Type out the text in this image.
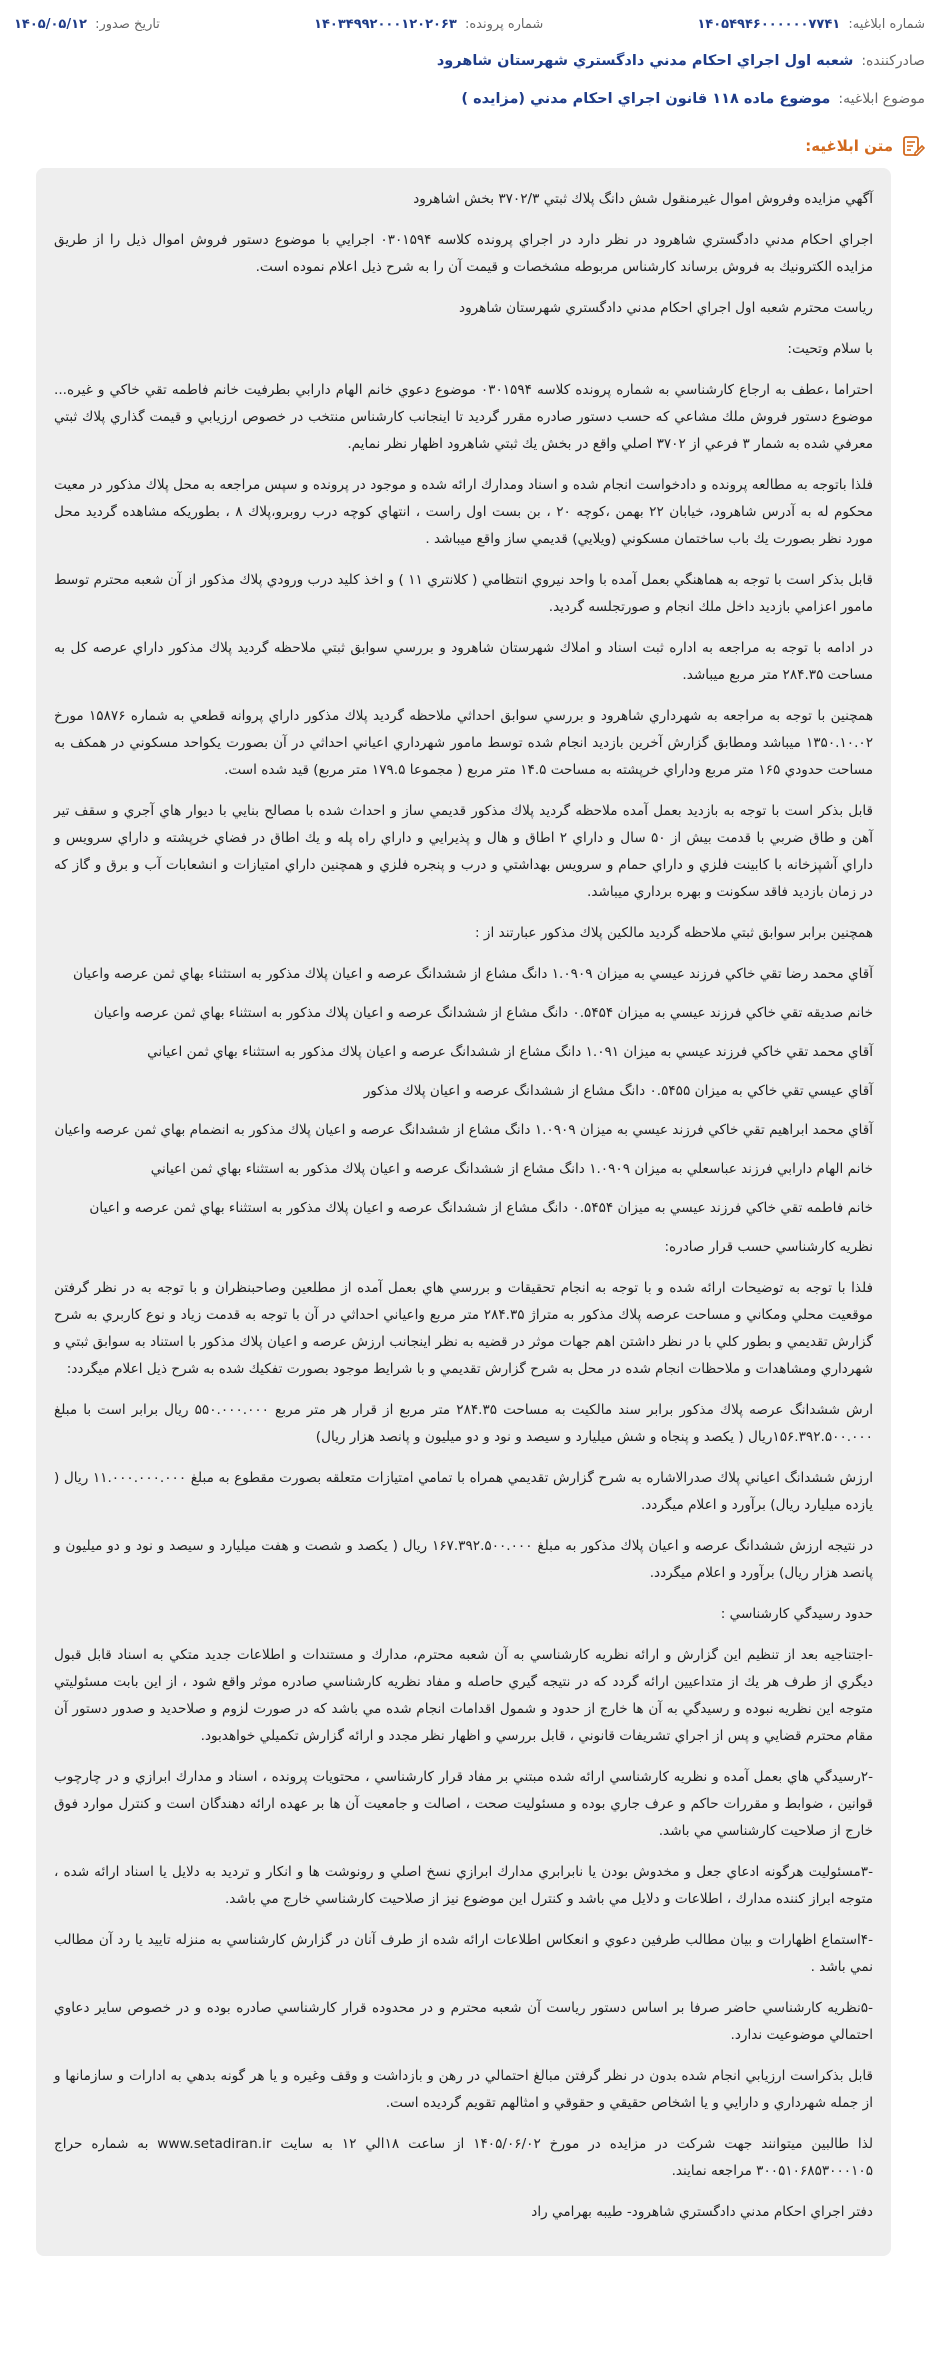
شماره ابلاغیه: ۱۴۰۵۴۹۴۶۰۰۰۰۰۰۷۷۴۱
شماره پرونده: ۱۴۰۳۴۹۹۲۰۰۰۱۲۰۲۰۶۳
تاریخ صدور: ۱۴۰۵/۰۵/۱۲
صادرکننده:
شعبه اول اجراي احكام مدني دادگستري شهرستان شاهرود
موضوع ابلاغیه:
موضوع ماده ۱۱۸ قانون اجراي احكام مدني (مزايده )
متن ابلاغیه:

آگهي مزايده وفروش اموال غيرمنقول شش دانگ پلاك ثبتي ۳۷۰۲/۳ بخش اشاهرود

اجراي احكام مدني دادگستري شاهرود در نظر دارد در اجراي پرونده كلاسه ۰۳۰۱۵۹۴ اجرايي با موضوع دستور فروش اموال ذيل را از طريق مزايده الكترونيك به فروش برساند كارشناس مربوطه مشخصات و قيمت آن را به شرح ذيل اعلام نموده است.

رياست محترم شعبه اول اجراي احكام مدني دادگستري شهرستان شاهرود

با سلام وتحيت:

احتراما ،عطف به ارجاع كارشناسي به شماره پرونده كلاسه ۰۳۰۱۵۹۴ موضوع دعوي خانم الهام دارابي بطرفيت خانم فاطمه تقي خاكي و غيره... موضوع دستور فروش ملك مشاعي كه حسب دستور صادره مقرر گرديد تا اينجانب كارشناس منتخب در خصوص ارزيابي و قيمت گذاري پلاك ثبتي معرفي شده به شمار ۳ فرعي از ۳۷۰۲ اصلي واقع در بخش يك ثبتي شاهرود اظهار نظر نمايم.

فلذا باتوجه به مطالعه پرونده و دادخواست انجام شده و اسناد ومدارك ارائه شده و موجود در پرونده و سپس مراجعه به محل پلاك مذكور در معيت محكوم له به آدرس شاهرود، خيابان ۲۲ بهمن ،كوچه ۲۰ ، بن بست اول راست ، انتهاي كوچه درب روبرو،پلاك ۸ ، بطوريكه مشاهده گرديد محل مورد نظر بصورت يك باب ساختمان مسكوني (ويلايي) قديمي ساز واقع ميباشد .

قابل بذكر است با توجه به هماهنگي بعمل آمده با واحد نيروي انتظامي ( كلانتري ۱۱ ) و اخذ كليد درب ورودي پلاك مذكور از آن شعبه محترم توسط مامور اعزامي بازديد داخل ملك انجام و صورتجلسه گرديد.

در ادامه با توجه به مراجعه به اداره ثبت اسناد و املاك شهرستان شاهرود و بررسي سوابق ثبتي ملاحظه گرديد پلاك مذكور داراي عرصه كل به مساحت ۲۸۴.۳۵ متر مربع ميباشد.

همچنين با توجه به مراجعه به شهرداري شاهرود و بررسي سوابق احداثي ملاحظه گرديد پلاك مذكور داراي پروانه قطعي به شماره ۱۵۸۷۶ مورخ ۱۳۵۰.۱۰.۰۲ ميباشد ومطابق گزارش آخرين بازديد انجام شده توسط مامور شهرداري اعياني احداثي در آن بصورت يكواحد مسكوني در همكف به مساحت حدودي ۱۶۵ متر مربع وداراي خرپشته به مساحت ۱۴.۵ متر مربع ( مجموعا ۱۷۹.۵ متر مربع) قيد شده است.

قابل بذكر است با توجه به بازديد بعمل آمده ملاحظه گرديد پلاك مذكور قديمي ساز و احداث شده با مصالح بنايي با ديوار هاي آجري و سقف تير آهن و طاق ضربي با قدمت بيش از ۵۰ سال و داراي ۲ اطاق و هال و پذيرايي و داراي راه پله و يك اطاق در فضاي خرپشته و داراي سرويس و داراي آشپزخانه با كابينت فلزي و داراي حمام و سرويس بهداشتي و درب و پنجره فلزي و همچنين داراي امتيازات و انشعابات آب و برق و گاز كه در زمان بازديد فاقد سكونت و بهره برداري ميباشد.

همچنين برابر سوابق ثبتي ملاحظه گرديد مالكين پلاك مذكور عبارتند از :

آقاي محمد رضا تقي خاكي فرزند عيسي به ميزان ۱.۰۹۰۹ دانگ مشاع از ششدانگ عرصه و اعيان پلاك مذكور به استثناء بهاي ثمن عرصه واعيان

خانم صديقه تقي خاكي فرزند عيسي به ميزان ۰.۵۴۵۴ دانگ مشاع از ششدانگ عرصه و اعيان پلاك مذكور به استثناء بهاي ثمن عرصه واعيان

آقاي محمد تقي خاكي فرزند عيسي به ميزان ۱.۰۹۱ دانگ مشاع از ششدانگ عرصه و اعيان پلاك مذكور به استثناء بهاي ثمن اعياني

آقاي عيسي تقي خاكي به ميزان ۰.۵۴۵۵ دانگ مشاع از ششدانگ عرصه و اعيان پلاك مذكور

آقاي محمد ابراهيم تقي خاكي فرزند عيسي به ميزان ۱.۰۹۰۹ دانگ مشاع از ششدانگ عرصه و اعيان پلاك مذكور به انضمام بهاي ثمن عرصه واعيان

خانم الهام دارابي فرزند عباسعلي به ميزان ۱.۰۹۰۹ دانگ مشاع از ششدانگ عرصه و اعيان پلاك مذكور به استثناء بهاي ثمن اعياني

خانم فاطمه تقي خاكي فرزند عيسي به ميزان ۰.۵۴۵۴ دانگ مشاع از ششدانگ عرصه و اعيان پلاك مذكور به استثناء بهاي ثمن عرصه و اعيان

نظريه كارشناسي حسب قرار صادره:

فلذا با توجه به توضيحات ارائه شده و با توجه به انجام تحقيقات و بررسي هاي بعمل آمده از مطلعين وصاحبنظران و با توجه به در نظر گرفتن موقعيت محلي ومكاني و مساحت عرصه پلاك مذكور به متراژ ۲۸۴.۳۵ متر مربع واعياني احداثي در آن با توجه به قدمت زياد و نوع كاربري به شرح گزارش تقديمي و بطور كلي با در نظر داشتن اهم جهات موثر در قضيه به نظر اينجانب ارزش عرصه و اعيان پلاك مذكور با استناد به سوابق ثبتي و شهرداري ومشاهدات و ملاحظات انجام شده در محل به شرح گزارش تقديمي و با شرايط موجود بصورت تفكيك شده به شرح ذيل اعلام ميگردد:

ارش ششدانگ عرصه پلاك مذكور برابر سند مالكيت به مساحت ۲۸۴.۳۵ متر مربع از قرار هر متر مربع ۵۵۰.۰۰۰.۰۰۰ ريال برابر است با مبلغ ۱۵۶.۳۹۲.۵۰۰.۰۰۰ريال ( يكصد و پنجاه و شش ميليارد و سيصد و نود و دو ميليون و پانصد هزار ريال)

ارزش ششدانگ اعياني پلاك صدرالاشاره به شرح گزارش تقديمي همراه با تمامي امتيازات متعلقه بصورت مقطوع به مبلغ ۱۱.۰۰۰.۰۰۰.۰۰۰ ريال ( يازده ميليارد ريال) برآورد و اعلام ميگردد.

در نتيجه ارزش ششدانگ عرصه و اعيان پلاك مذكور به مبلغ ۱۶۷.۳۹۲.۵۰۰.۰۰۰ ريال ( يكصد و شصت و هفت ميليارد و سيصد و نود و دو ميليون و پانصد هزار ريال) برآورد و اعلام ميگردد.

حدود رسيدگي كارشناسي :

-اجتناجيه بعد از تنظيم اين گزارش و ارائه نظريه كارشناسي به آن شعبه محترم، مدارك و مستندات و اطلاعات جديد متكي به اسناد قابل قبول ديگري از طرف هر يك از متداعيين ارائه گردد كه در نتيجه گيري حاصله و مفاد نظريه كارشناسي صادره موثر واقع شود ، از اين بابت مسئوليتي متوجه اين نظريه نبوده و رسيدگي به آن ها خارج از حدود و شمول اقدامات انجام شده مي باشد كه در صورت لزوم و صلاحديد و صدور دستور آن مقام محترم قضايي و پس از اجراي تشريفات قانوني ، قابل بررسي و اظهار نظر مجدد و ارائه گزارش تكميلي خواهدبود.

-۲رسيدگي هاي بعمل آمده و نظريه كارشناسي ارائه شده مبتني بر مفاد قرار كارشناسي ، محتويات پرونده ، اسناد و مدارك ابرازي و در چارچوب قوانين ، ضوابط و مقررات حاكم و عرف جاري بوده و مسئوليت صحت ، اصالت و جامعيت آن ها بر عهده ارائه دهندگان است و كنترل موارد فوق خارج از صلاحيت كارشناسي مي باشد.

-۳مسئوليت هرگونه ادعاي جعل و مخدوش بودن يا نابرابري مدارك ابرازي نسخ اصلي و رونوشت ها و انكار و ترديد به دلايل يا اسناد ارائه شده ، متوجه ابراز كننده مدارك ، اطلاعات و دلايل مي باشد و كنترل اين موضوع نيز از صلاحيت كارشناسي خارج مي باشد.

-۴استماع اظهارات و بيان مطالب طرفين دعوي و انعكاس اطلاعات ارائه شده از طرف آنان در گزارش كارشناسي به منزله تاييد يا رد آن مطالب نمي باشد .

-۵نظريه كارشناسي حاضر صرفا بر اساس دستور رياست آن شعبه محترم و در محدوده قرار كارشناسي صادره بوده و در خصوص ساير دعاوي احتمالي موضوعيت ندارد.

قابل بذكراست ارزيابي انجام شده بدون در نظر گرفتن مبالغ احتمالي در رهن و بازداشت و وقف وغيره و يا هر گونه بدهي به ادارات و سازمانها و از جمله شهرداري و دارايي و يا اشخاص حقيقي و حقوقي و امثالهم تقويم گرديده است.

لذا طالبين ميتوانند جهت شركت در مزايده در مورخ ۱۴۰۵/۰۶/۰۲ از ساعت ۱۸الي ۱۲ به سايت www.setadiran.ir به شماره حراج ۳۰۰۵۱۰۶۸۵۳۰۰۰۱۰۵ مراجعه نمايند.

دفتر اجراي احكام مدني دادگستري شاهرود- طيبه بهرامي راد
